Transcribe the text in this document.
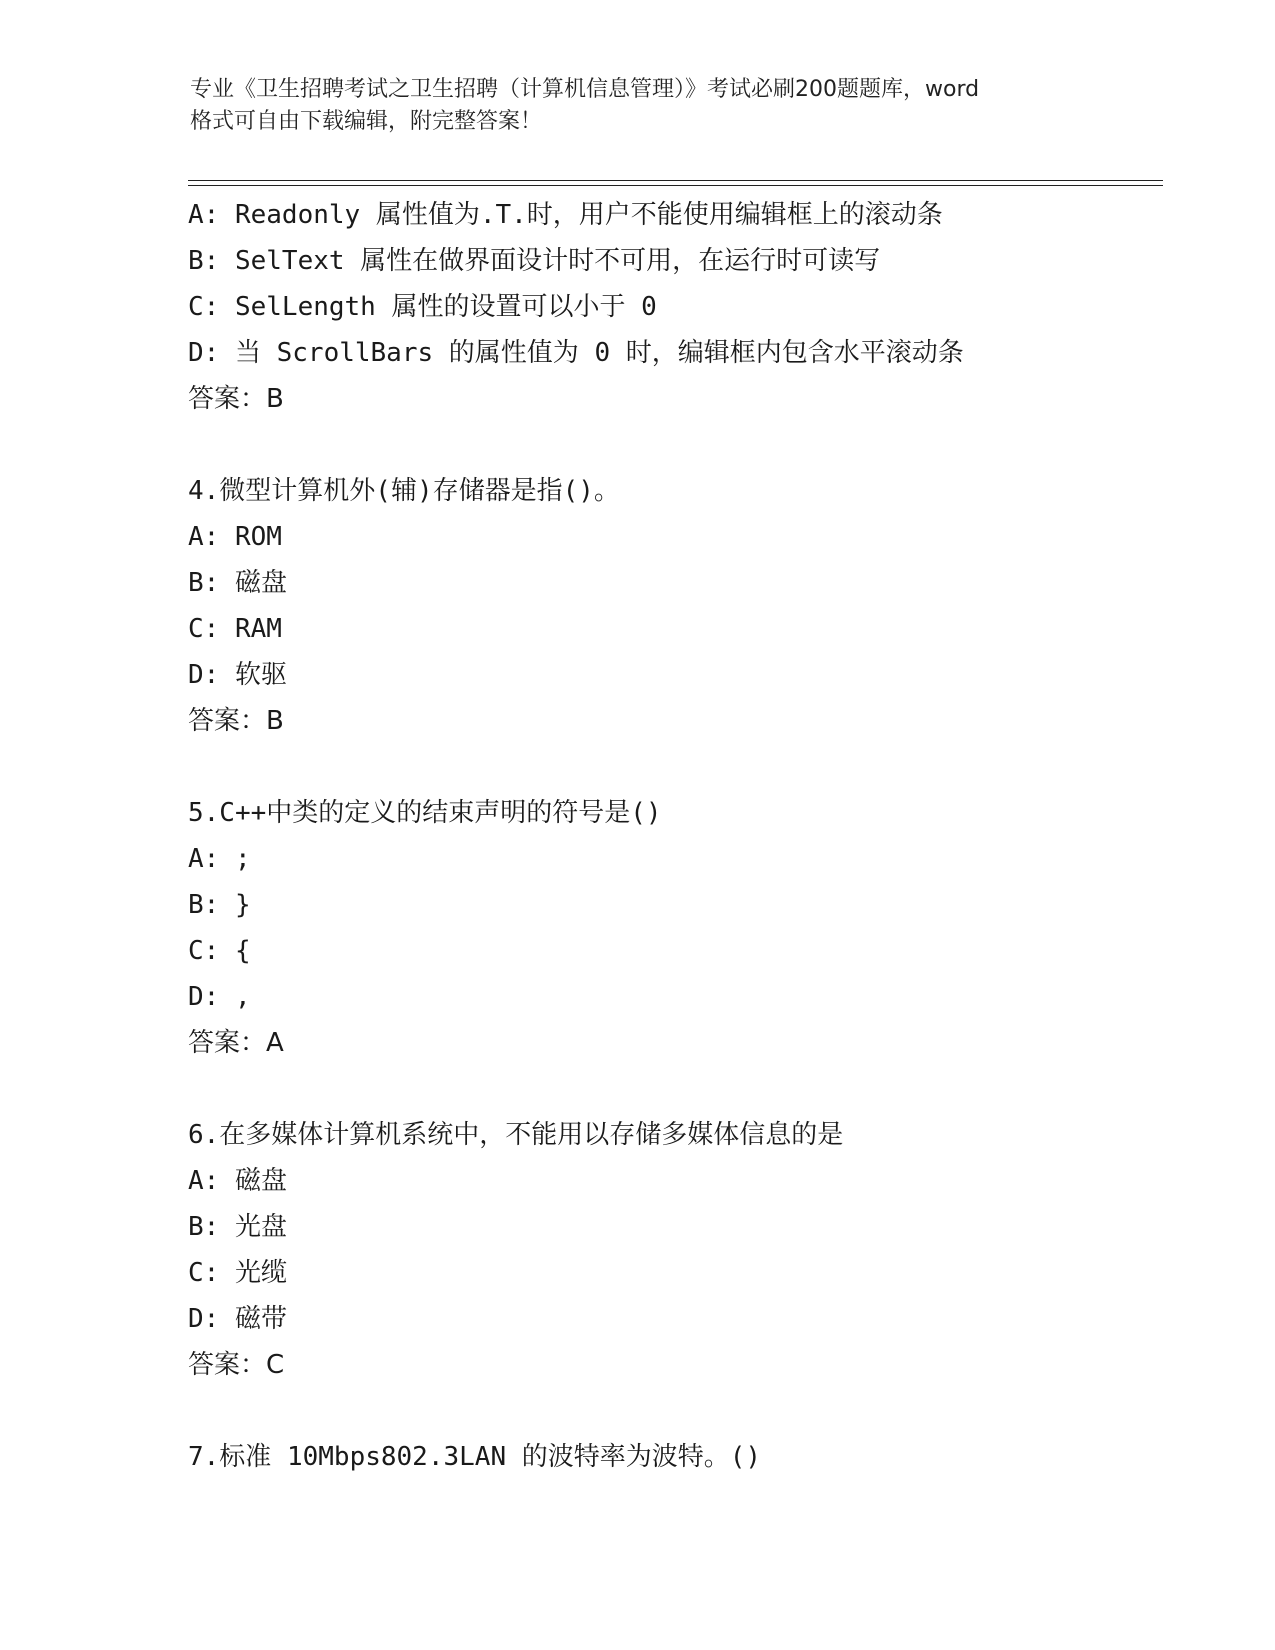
专业《卫生招聘考试之卫生招聘（计算机信息管理）》考试必刷200题题库，word
格式可自由下载编辑，附完整答案！
A: Readonly 属性值为.T.时，用户不能使用编辑框上的滚动条
B: SelText 属性在做界面设计时不可用，在运行时可读写
C: SelLength 属性的设置可以小于 0
D: 当 ScrollBars 的属性值为 0 时，编辑框内包含水平滚动条
答案：B
4.微型计算机外(辅)存储器是指()。
A: ROM
B: 磁盘
C: RAM
D: 软驱
答案：B
5.C++中类的定义的结束声明的符号是()
A: ;
B: }
C: {
D: ,
答案：A
6.在多媒体计算机系统中，不能用以存储多媒体信息的是
A: 磁盘
B: 光盘
C: 光缆
D: 磁带
答案：C
7.标准 10Mbps802.3LAN 的波特率为波特。()
